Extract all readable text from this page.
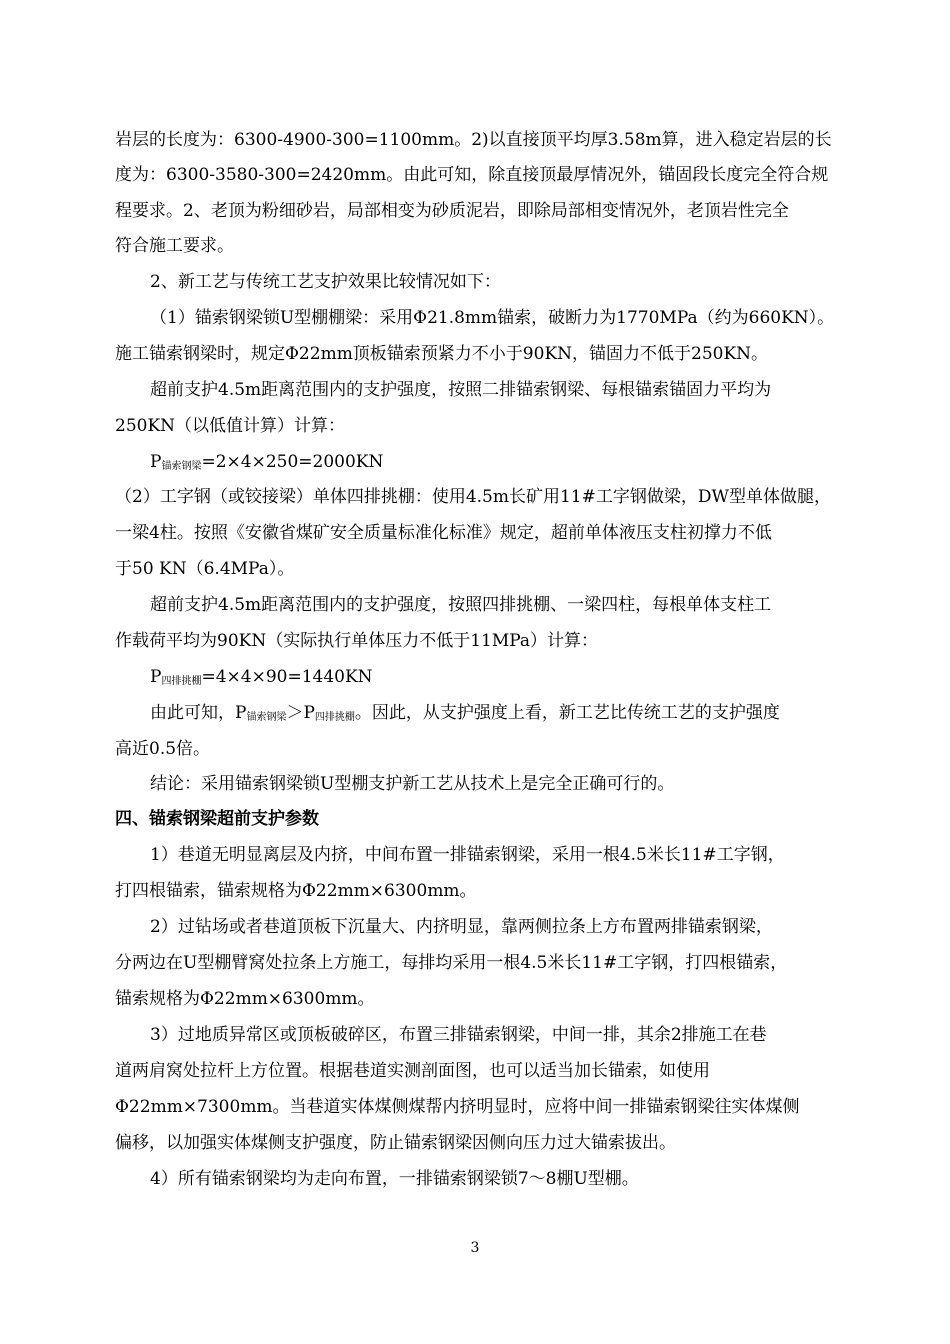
岩层的长度为：6300-4900-300=1100mm。2)以直接顶平均厚3.58m算，进入稳定岩层的长
度为：6300-3580-300=2420mm。由此可知，除直接顶最厚情况外，锚固段长度完全符合规
程要求。2、老顶为粉细砂岩，局部相变为砂质泥岩，即除局部相变情况外，老顶岩性完全
符合施工要求。
2、新工艺与传统工艺支护效果比较情况如下：
（1）锚索钢梁锁U型棚棚梁：采用Φ21.8mm锚索，破断力为1770MPa（约为660KN）。
施工锚索钢梁时，规定Φ22mm顶板锚索预紧力不小于90KN，锚固力不低于250KN。
超前支护4.5m距离范围内的支护强度，按照二排锚索钢梁、每根锚索锚固力平均为
250KN（以低值计算）计算：
$P_{锚索钢梁}=2\times 4\times 250=2000KN$
（2）工字钢（或铰接梁）单体四排挑棚：使用4.5m长矿用11#工字钢做梁，DW型单体做腿，
一梁4柱。按照《安徽省煤矿安全质量标准化标准》规定，超前单体液压支柱初撑力不低
于50 KN（6.4MPa）。
超前支护4.5m距离范围内的支护强度，按照四排挑棚、一梁四柱，每根单体支柱工
作载荷平均为90KN（实际执行单体压力不低于11MPa）计算：
$P_{四排挑棚}=4\times 4\times 90=1440KN$
由此可知，$P_{锚索钢梁}>P_{四排挑棚}$。因此，从支护强度上看，新工艺比传统工艺的支护强度
高近0.5倍。
结论：采用锚索钢梁锁U型棚支护新工艺从技术上是完全正确可行的。
四、锚索钢梁超前支护参数
1）巷道无明显离层及内挤，中间布置一排锚索钢梁，采用一根4.5米长11#工字钢，
打四根锚索，锚索规格为Φ22mm×6300mm。
2）过钻场或者巷道顶板下沉量大、内挤明显，靠两侧拉条上方布置两排锚索钢梁，
分两边在U型棚臂窝处拉条上方施工，每排均采用一根4.5米长11#工字钢，打四根锚索，
锚索规格为Φ22mm×6300mm。
3）过地质异常区或顶板破碎区，布置三排锚索钢梁，中间一排，其余2排施工在巷
道两肩窝处拉杆上方位置。根据巷道实测剖面图，也可以适当加长锚索，如使用
Φ22mm×7300mm。当巷道实体煤侧煤帮内挤明显时，应将中间一排锚索钢梁往实体煤侧
偏移，以加强实体煤侧支护强度，防止锚索钢梁因侧向压力过大锚索拔出。
4）所有锚索钢梁均为走向布置，一排锚索钢梁锁7～8棚U型棚。
3
